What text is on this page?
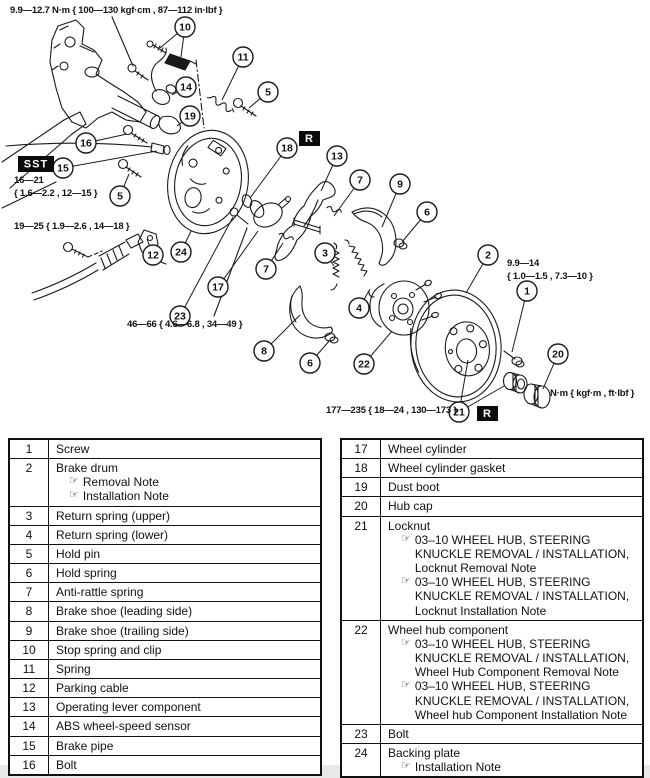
1
2
3
4
5
5
6
6
7
7
8
9
10
11
12
13
14
15
16
17
18
19
20
21
22
23
24
9.9—12.7 N·m { 100—130 kgf·cm , 87—112 in·lbf }
16—21 { 1.6—2.2 , 12—15 }
19—25 { 1.9—2.6 , 14—18 }
46—66 { 4.6—6.8 , 34—49 }
9.9—14 { 1.0—1.5 , 7.3—10 }
177—235 { 18—24 , 130—173 }
N·m { kgf·m , ft·lbf }
SST
R
R
1	Screw

2	Brake drum
☞ Removal Note
☞ Installation Note

3	Return spring (upper)

4	Return spring (lower)

5	Hold pin

6	Hold spring

7	Anti-rattle spring

8	Brake shoe (leading side)

9	Brake shoe (trailing side)

10	Stop spring and clip

11	Spring

12	Parking cable

13	Operating lever component

14	ABS wheel-speed sensor

15	Brake pipe

16	Bolt
17	Wheel cylinder

18	Wheel cylinder gasket

19	Dust boot

20	Hub cap

21	Locknut
☞ 03–10 WHEEL HUB, STEERING KNUCKLE REMOVAL / INSTALLATION, Locknut Removal Note
☞ 03–10 WHEEL HUB, STEERING KNUCKLE REMOVAL / INSTALLATION, Locknut Installation Note

22	Wheel hub component
☞ 03–10 WHEEL HUB, STEERING KNUCKLE REMOVAL / INSTALLATION, Wheel Hub Component Removal Note
☞ 03–10 WHEEL HUB, STEERING KNUCKLE REMOVAL / INSTALLATION, Wheel hub Component Installation Note

23	Bolt

24	Backing plate
☞ Installation Note
